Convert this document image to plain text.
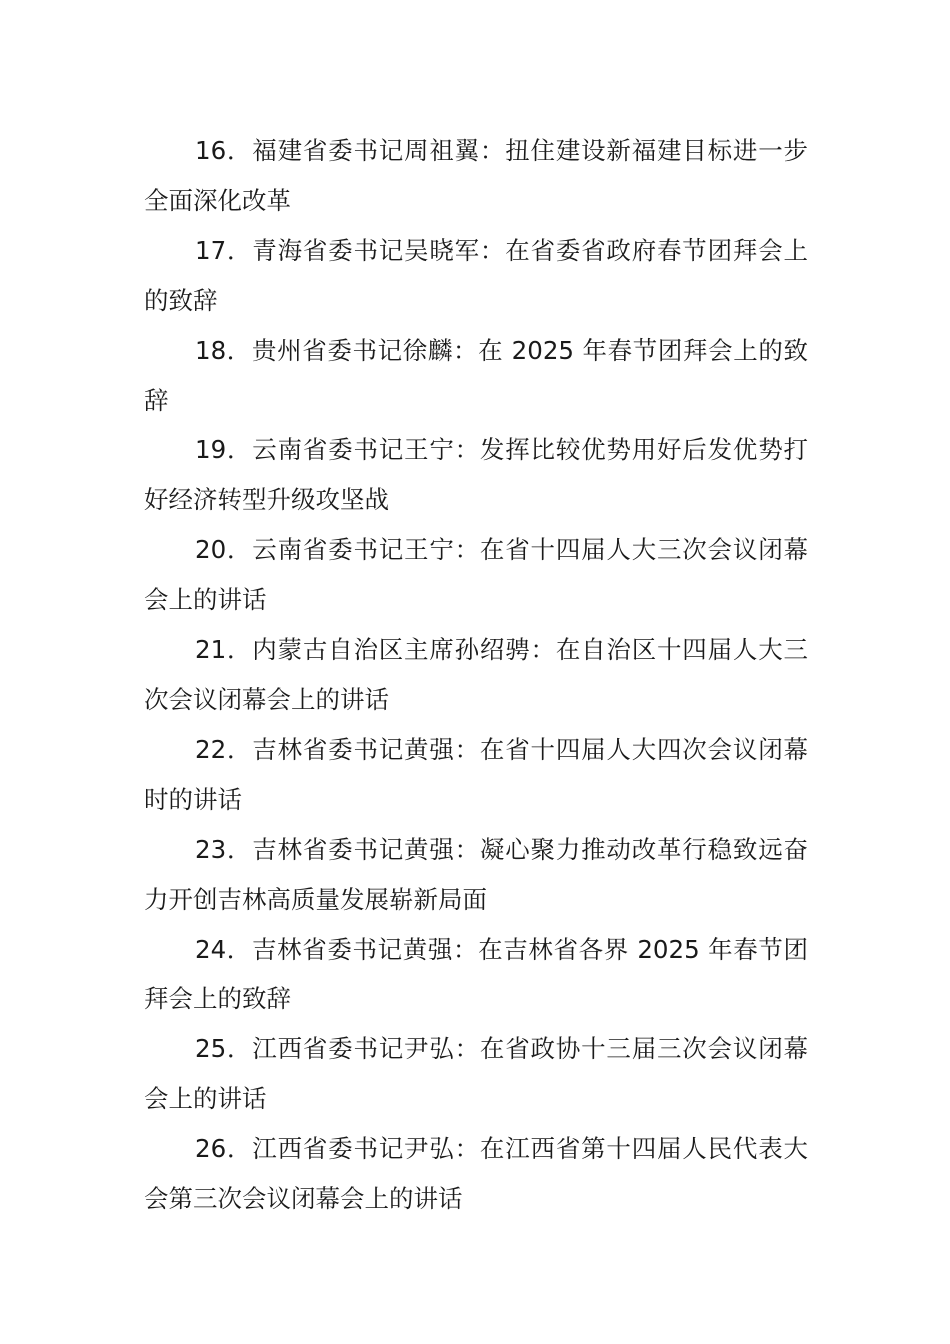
16．福建省委书记周祖翼：扭住建设新福建目标进一步全面深化改革

17．青海省委书记吴晓军：在省委省政府春节团拜会上的致辞

18．贵州省委书记徐麟：在 2025 年春节团拜会上的致辞

19．云南省委书记王宁：发挥比较优势用好后发优势打好经济转型升级攻坚战

20．云南省委书记王宁：在省十四届人大三次会议闭幕会上的讲话

21．内蒙古自治区主席孙绍骋：在自治区十四届人大三次会议闭幕会上的讲话

22．吉林省委书记黄强：在省十四届人大四次会议闭幕时的讲话

23．吉林省委书记黄强：凝心聚力推动改革行稳致远奋力开创吉林高质量发展崭新局面

24．吉林省委书记黄强：在吉林省各界 2025 年春节团拜会上的致辞

25．江西省委书记尹弘：在省政协十三届三次会议闭幕会上的讲话

26．江西省委书记尹弘：在江西省第十四届人民代表大会第三次会议闭幕会上的讲话
